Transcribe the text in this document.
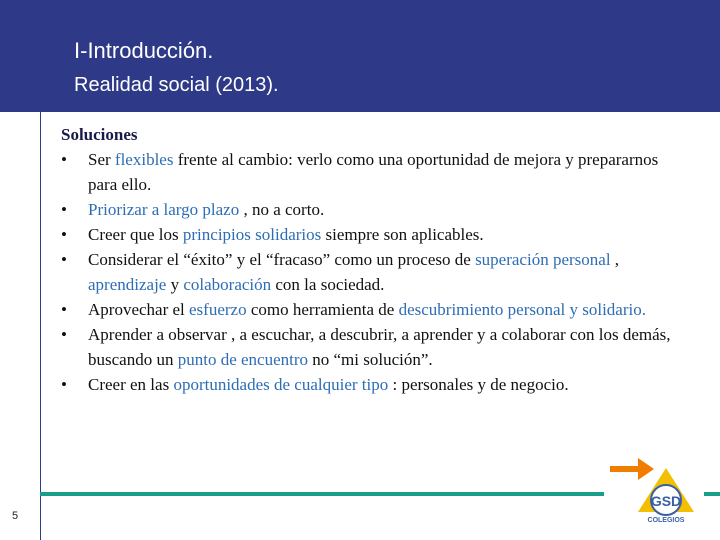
I-Introducción.
Realidad social (2013).
Soluciones
• Ser flexibles frente al cambio: verlo como una oportunidad de mejora y prepararnos para ello.
• Priorizar a largo plazo , no a corto.
• Creer que los principios solidarios siempre son aplicables.
• Considerar el “éxito” y el “fracaso” como un proceso de superación personal , aprendizaje y colaboración con la sociedad.
• Aprovechar el esfuerzo como herramienta de descubrimiento personal y solidario.
• Aprender a observar , a escuchar, a descubrir, a aprender y a colaborar con los demás, buscando un punto de encuentro no “mi solución”.
• Creer en las oportunidades de cualquier tipo : personales y de negocio.
GSD
COLEGIOS
5
